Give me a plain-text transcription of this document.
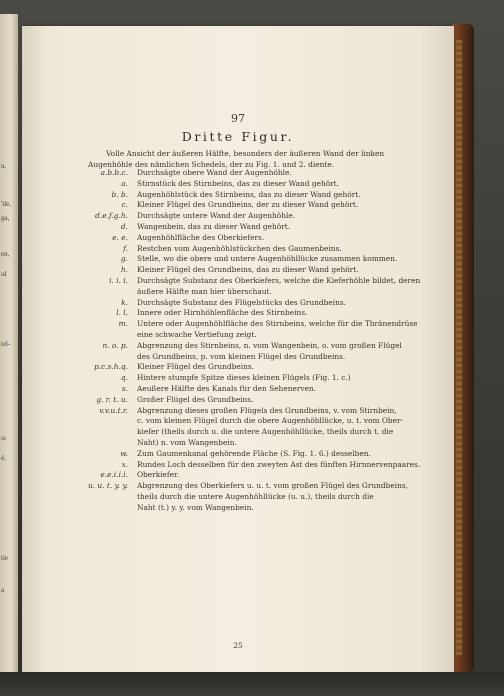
u,
'ile,
ga,
en,
ıd
tel-
ıs
é,
tie
a
97
Dritte Figur.
Volle Ansicht der äußeren Hälfte, besonders der äußeren Wand der linken
Augenhöhle des nämlichen Schedels, der zu Fig. 1. und 2. diente.
a.b.b.c. Durchsägte obere Wand der Augenhöhle.
a. Stirnstück des Stirnbeins, das zu dieser Wand gehört.
b. b. Augenhöhlstück des Stirnbeins, das zu dieser Wand gehört.
c. Kleiner Flügel des Grundbeins, der zu dieser Wand gehört.
d.e.f.g.h. Durchsägte untere Wand der Augenhöhle.
d. Wangenbein, das zu dieser Wand gehört.
e. e. Augenhöhlfläche des Oberkiefers.
f. Restchen vom Augenhöhlstückchen des Gaumenbeins.
g. Stelle, wo die obere und untere Augenhöhllücke zusammen kommen.
h. Kleiner Flügel des Grundbeins, das zu dieser Wand gehört.
i. i. i. Durchsägte Substanz des Oberkiefers, welche die Kieferhöhle bildet, deren
äußere Hälfte man hier überschaut.
k. Durchsägte Substanz des Flügelstücks des Grundbeins.
l. l. Innere oder Hirnhöhlenfläche des Stirnbeins.
m. Untere oder Augenhöhlfläche des Stirnbeins, welche für die Thränendrüse
eine schwache Vertiefung zeigt.
n. o. p. Abgrenzung des Stirnbeins, n. vom Wangenbein, o. vom großen Flügel
des Grundbeins, p. vom kleinen Flügel des Grundbeins.
p.c.s.h.q. Kleiner Flügel des Grundbeins.
q. Hintere stumpfe Spitze dieses kleinen Flügels (Fig. 1. c.)
s. Aeußere Hälfte des Kanals für den Sehenerven.
g. r. t. u. Großer Flügel des Grundbeins.
v.v.u.t.r. Abgrenzung dieses großen Flügels des Grundbeins, v. vom Stirnbein,
c. vom kleinen Flügel durch die obere Augenhöhllücke, u. t. vom Ober-
kiefer (theils durch u. die untere Augenhöhllücke, theils durch t. die
Naht) n. vom Wangenbein.
w. Zum Gaumenkanal gehörende Fläche (S. Fig. 1. 6.) desselben.
x. Rundes Loch desselben für den zweyten Ast des fünften Hirnnervenpaares.
e.e.i.i.i. Oberkiefer.
u. u. t. y. y. Abgrenzung des Oberkiefers u. u. t. vom großen Flügel des Grundbeins,
theils durch die untere Augenhöhllücke (u. u.), theils durch die
Naht (t.) y. y. vom Wangenbein.
25
